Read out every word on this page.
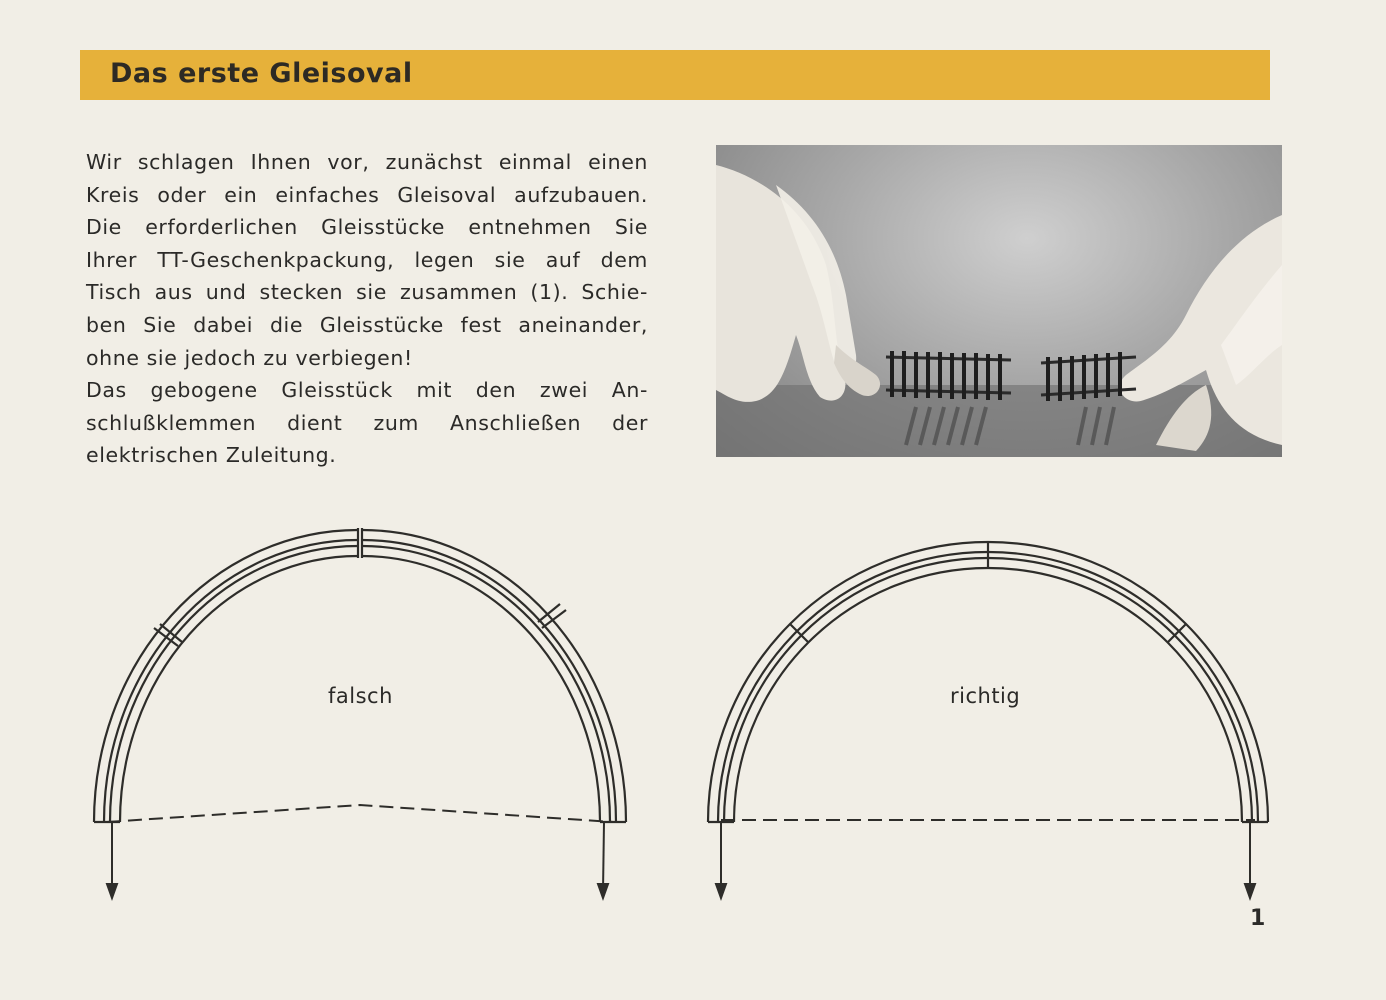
Das erste Gleisoval
Wir schlagen Ihnen vor, zunächst einmal einen
Kreis oder ein einfaches Gleisoval aufzubauen.
Die erforderlichen Gleisstücke entnehmen Sie
Ihrer TT-Geschenkpackung, legen sie auf dem
Tisch aus und stecken sie zusammen (1). Schie-
ben Sie dabei die Gleisstücke fest aneinander,
ohne sie jedoch zu verbiegen!
Das gebogene Gleisstück mit den zwei An-
schlußklemmen dient zum Anschließen der
elektrischen Zuleitung.
falsch	richtig
1
